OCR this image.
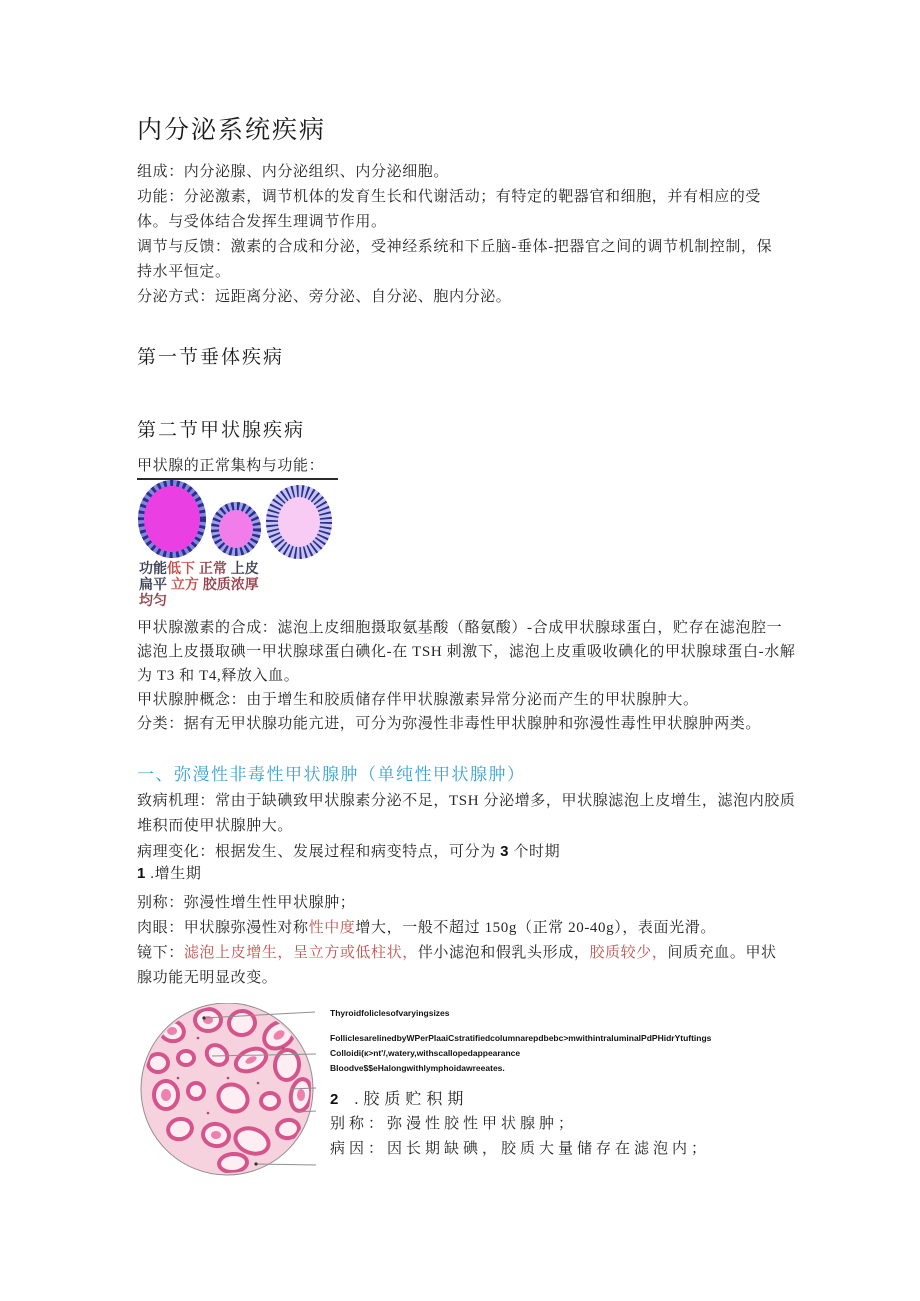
内分泌系统疾病
组成：内分泌腺、内分泌组织、内分泌细胞。
功能：分泌激素，调节机体的发育生长和代谢活动；有特定的靶器官和细胞，并有相应的受
体。与受体结合发挥生理调节作用。
调节与反馈：激素的合成和分泌，受神经系统和下丘脑-垂体-把器官之间的调节机制控制，保
持水平恒定。
分泌方式：远距离分泌、旁分泌、自分泌、胞内分泌。
第一节垂体疾病
第二节甲状腺疾病
甲状腺的正常集构与功能：
功能低下 正常 上皮
扁平 立方 胶质浓厚
均匀
甲状腺激素的合成：滤泡上皮细胞摄取氨基酸（酪氨酸）-合成甲状腺球蛋白，贮存在滤泡腔一
滤泡上皮摄取碘一甲状腺球蛋白碘化-在 TSH 刺激下，滤泡上皮重吸收碘化的甲状腺球蛋白-水解
为 T3 和 T4,释放入血。
甲状腺肿概念：由于增生和胶质储存伴甲状腺激素异常分泌而产生的甲状腺肿大。
分类：据有无甲状腺功能亢进，可分为弥漫性非毒性甲状腺肿和弥漫性毒性甲状腺肿两类。
一、弥漫性非毒性甲状腺肿（单纯性甲状腺肿）
致病机理：常由于缺碘致甲状腺素分泌不足，TSH 分泌增多，甲状腺滤泡上皮增生，滤泡内胶质
堆积而使甲状腺肿大。
病理变化：根据发生、发展过程和病变特点，可分为 3 个时期
1 .增生期
别称：弥漫性增生性甲状腺肿；
肉眼：甲状腺弥漫性对称性中度增大，一般不超过 150g（正常 20-40g），表面光滑。
镜下：滤泡上皮增生，呈立方或低柱状，伴小滤泡和假乳头形成，胶质较少，间质充血。甲状
腺功能无明显改变。
Thyroidfoliclesofvaryingsizes
FolliclesarelinedbyWPerPlaaiCstratifiedcolumnarepdbebc>mwithintraluminalPdPHidrYtuftings
Colloidi(к>nt'/,watery,withscallopedappearance
Bloodve$$eHalongwithlymphoidawreeates.
2 .胶质贮积期
别称：弥漫性胶性甲状腺肿；
病因：因长期缺碘，胶质大量储存在滤泡内；
